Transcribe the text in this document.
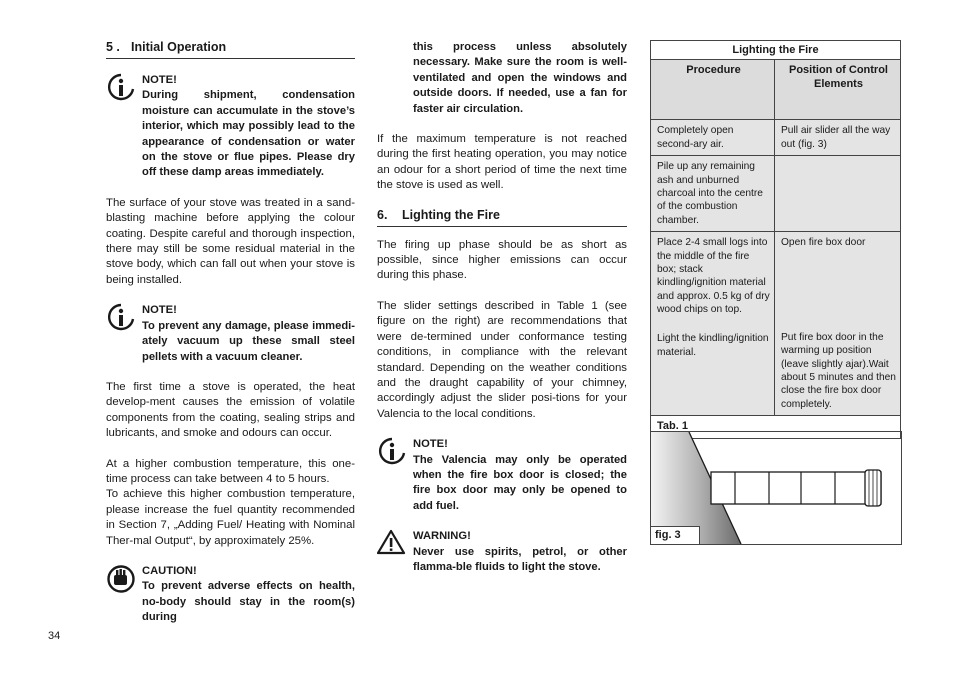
5 . Initial Operation
NOTE!
During shipment, condensation moisture can accumulate in the stove’s interior, which may possibly lead to the appearance of condensation or water on the stove or flue pipes. Please dry off these damp areas immediately.

The surface of your stove was treated in a sand-blasting machine before applying the colour coating. Despite careful and thorough inspection, there may still be some residual material in the stove body, which can fall out when your stove is being installed.

NOTE!
To prevent any damage, please immedi-ately vacuum up these small steel pellets with a vacuum cleaner.

The first time a stove is operated, the heat develop-ment causes the emission of volatile components from the coating, sealing strips and lubricants, and smoke and odours can occur.

At a higher combustion temperature, this one-time process can take between 4 to 5 hours.

To achieve this higher combustion temperature, please increase the fuel quantity recommended in Section 7, „Adding Fuel/ Heating with Nominal Ther-mal Output“, by approximately 25%.

CAUTION!
To prevent adverse effects on health, no-body should stay in the room(s) during
this process unless absolutely necessary. Make sure the room is well-ventilated and open the windows and outside doors. If needed, use a fan for faster air circulation.

If the maximum temperature is not reached during the first heating operation, you may notice an odour for a short period of time the next time the stove is used as well.

6. Lighting the Fire

The firing up phase should be as short as possible, since higher emissions can occur during this phase.

The slider settings described in Table 1 (see figure on the right) are recommendations that were de-termined under conformance testing conditions, in compliance with the relevant standard. Depending on the weather conditions and the draught capability of your chimney, accordingly adjust the slider posi-tions for your Valencia to the local conditions.

NOTE!
The Valencia may only be operated when the fire box door is closed; the fire box door may only be opened to add fuel.
WARNING!
Never use spirits, petrol, or other flamma-ble fluids to light the stove.
Lighting the Fire
Procedure	Position of Control Elements
Completely open second-ary air.
Pull air slider all the way out (fig. 3)
Pile up any remaining ash and unburned charcoal into the centre of the combustion chamber.
Place 2-4 small logs into the middle of the fire box; stack kindling/ignition material and approx. 0.5 kg of dry wood chips on top.
Light the kindling/ignition material.
Open fire box door
Put fire box door in the warming up position (leave slightly ajar).Wait about 5 minutes and then close the fire box door completely.
Tab. 1
fig. 3
34
